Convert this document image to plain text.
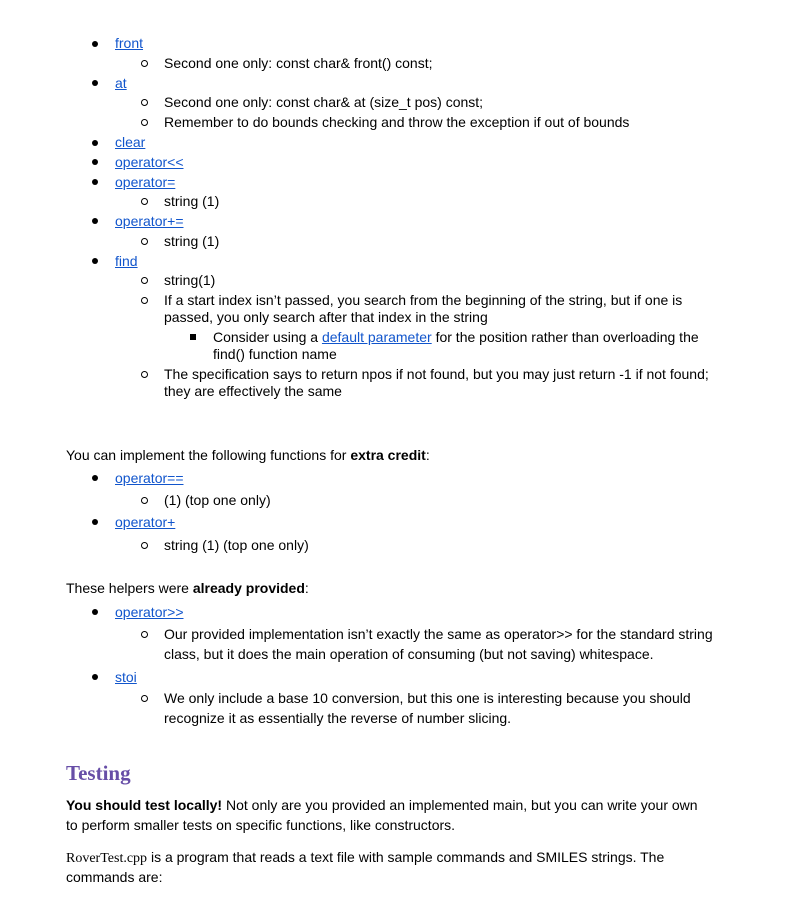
front
Second one only: const char& front() const;
at
Second one only: const char& at (size_t pos) const;
Remember to do bounds checking and throw the exception if out of bounds
clear
operator<<
operator=
string (1)
operator+=
string (1)
find
string(1)
If a start index isn’t passed, you search from the beginning of the string, but if one is
passed, you only search after that index in the string
Consider using a default parameter for the position rather than overloading the
find() function name
The specification says to return npos if not found, but you may just return -1 if not found;
they are effectively the same

You can implement the following functions for extra credit:

operator==
(1) (top one only)
operator+
string (1) (top one only)

These helpers were already provided:

operator>>
Our provided implementation isn’t exactly the same as operator>> for the standard string
class, but it does the main operation of consuming (but not saving) whitespace.
stoi
We only include a base 10 conversion, but this one is interesting because you should
recognize it as essentially the reverse of number slicing.
Testing

You should test locally! Not only are you provided an implemented main, but you can write your own

to perform smaller tests on specific functions, like constructors.

RoverTest.cpp is a program that reads a text file with sample commands and SMILES strings. The

commands are:
